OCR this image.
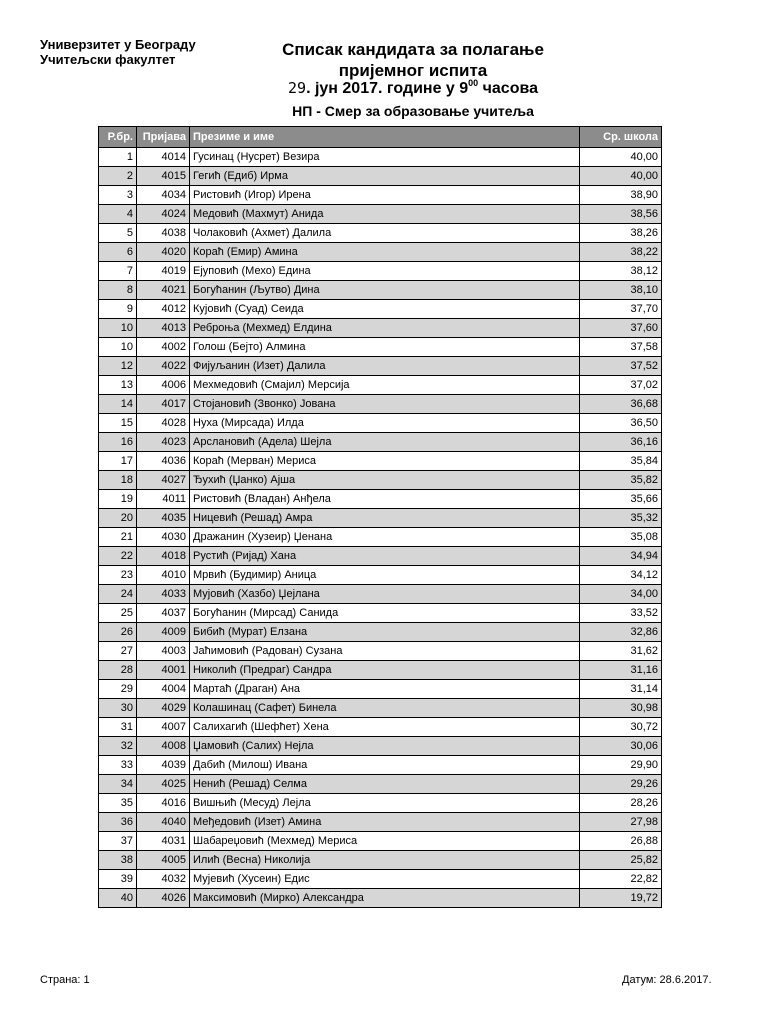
Универзитет у Београду
Учитељски факултет
Списак кандидата за полагање
пријемног испита
29. јун 2017. године у $9^{00}$ часова
НП - Смер за образовање учитеља
Р.бр.	Пријава	Презиме и име	Ср. школа
1	4014	Гусинац (Нусрет) Везира	40,00
2	4015	Гегић (Едиб) Ирма	40,00
3	4034	Ристовић (Игор) Ирена	38,90
4	4024	Медовић (Махмут) Анида	38,56
5	4038	Чолаковић (Ахмет) Далила	38,26
6	4020	Кораћ (Емир) Амина	38,22
7	4019	Ејуповић (Мехо) Едина	38,12
8	4021	Богућанин (Љутво) Дина	38,10
9	4012	Кујовић (Суад) Сеида	37,70
10	4013	Реброња (Мехмед) Елдина	37,60
10	4002	Голош (Бејто) Алмина	37,58
12	4022	Фијуљанин (Изет) Далила	37,52
13	4006	Мехмедовић (Смајил) Мерсија	37,02
14	4017	Стојановић (Звонко) Јована	36,68
15	4028	Нуха (Мирсада) Илда	36,50
16	4023	Арслановић (Адела) Шејла	36,16
17	4036	Кораћ (Мерван) Мериса	35,84
18	4027	Ђухић (Џанко) Ајша	35,82
19	4011	Ристовић (Владан) Анђела	35,66
20	4035	Ницевић (Решад) Амра	35,32
21	4030	Дражанин (Хузеир) Џенана	35,08
22	4018	Рустић (Ријад) Хана	34,94
23	4010	Мрвић (Будимир) Аница	34,12
24	4033	Мујовић (Хазбо) Џејлана	34,00
25	4037	Богућанин (Мирсад) Санида	33,52
26	4009	Бибић (Мурат) Елзана	32,86
27	4003	Јаћимовић (Радован) Сузана	31,62
28	4001	Николић (Предраг) Сандра	31,16
29	4004	Мартаћ (Драган) Ана	31,14
30	4029	Колашинац (Сафет) Бинела	30,98
31	4007	Салихагић (Шефћет) Хена	30,72
32	4008	Џамовић (Салих) Нејла	30,06
33	4039	Дабић (Милош) Ивана	29,90
34	4025	Ненић (Решад) Селма	29,26
35	4016	Вишњић (Месуд) Лејла	28,26
36	4040	Међедовић (Изет) Амина	27,98
37	4031	Шабареџовић (Мехмед) Мериса	26,88
38	4005	Илић (Весна) Николија	25,82
39	4032	Мујевић (Хусеин) Едис	22,82
40	4026	Максимовић (Мирко) Александра	19,72
Страна: 1	Датум: 28.6.2017.
